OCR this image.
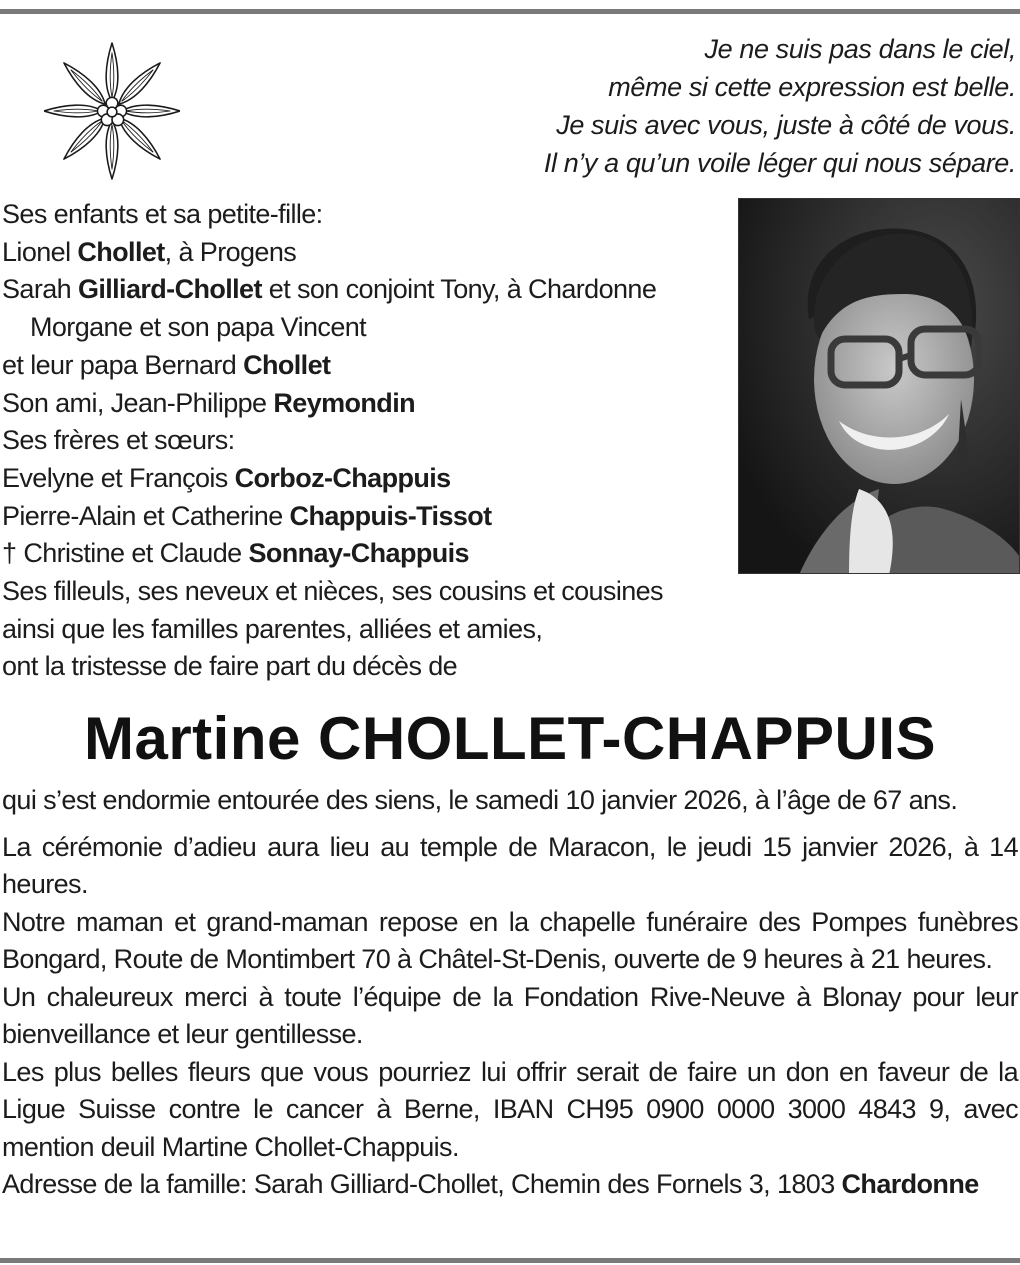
Je ne suis pas dans le ciel,
même si cette expression est belle.
Je suis avec vous, juste à côté de vous.
Il n’y a qu’un voile léger qui nous sépare.
Ses enfants et sa petite-fille:
Lionel Chollet, à Progens
Sarah Gilliard-Chollet et son conjoint Tony, à Chardonne
Morgane et son papa Vincent
et leur papa Bernard Chollet
Son ami, Jean-Philippe Reymondin
Ses frères et sœurs:
Evelyne et François Corboz-Chappuis
Pierre-Alain et Catherine Chappuis-Tissot
† Christine et Claude Sonnay-Chappuis
Ses filleuls, ses neveux et nièces, ses cousins et cousines
ainsi que les familles parentes, alliées et amies,
ont la tristesse de faire part du décès de
Martine CHOLLET-CHAPPUIS

qui s’est endormie entourée des siens, le samedi 10 janvier 2026, à l’âge de 67 ans.

La cérémonie d’adieu aura lieu au temple de Maracon, le jeudi 15 janvier 2026, à 14 heures.

Notre maman et grand-maman repose en la chapelle funéraire des Pompes funèbres Bongard, Route de Montimbert 70 à Châtel-St-Denis, ouverte de 9 heures à 21 heures.

Un chaleureux merci à toute l’équipe de la Fondation Rive-Neuve à Blonay pour leur bienveillance et leur gentillesse.

Les plus belles fleurs que vous pourriez lui offrir serait de faire un don en faveur de la Ligue Suisse contre le cancer à Berne, IBAN CH95 0900 0000 3000 4843 9, avec mention deuil Martine Chollet-Chappuis.

Adresse de la famille: Sarah Gilliard-Chollet, Chemin des Fornels 3, 1803 Chardonne
